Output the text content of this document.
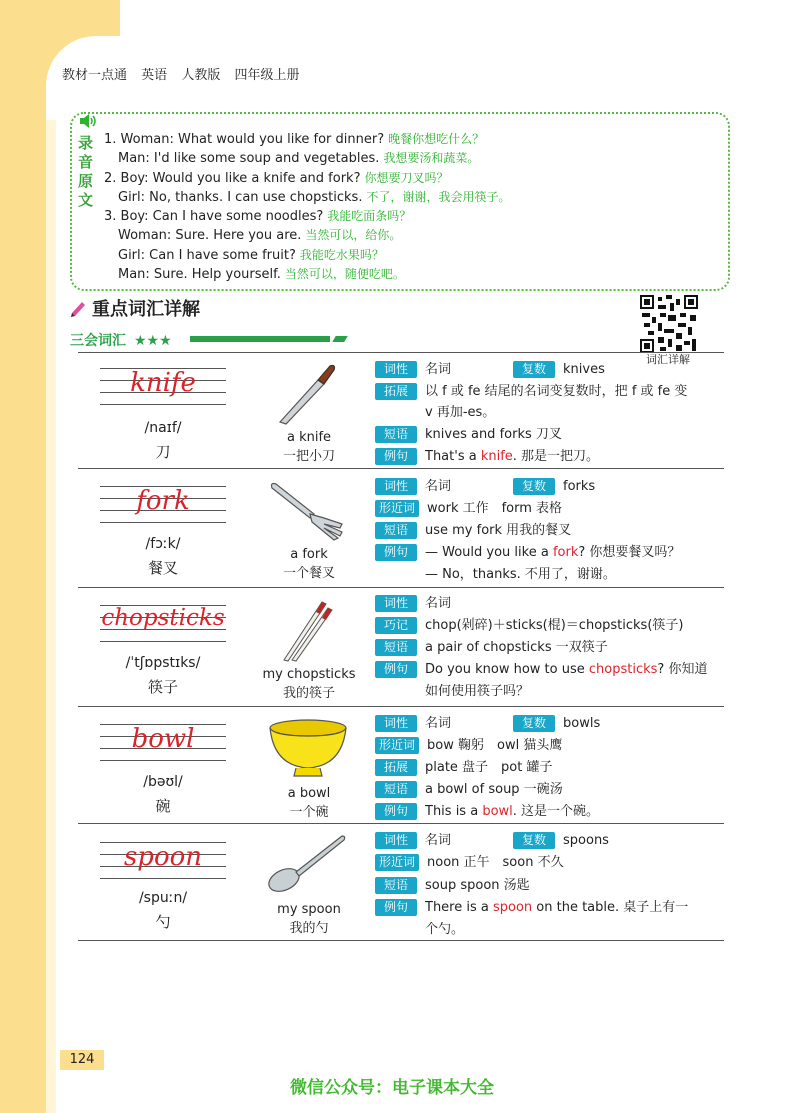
教材一点通 英语 人教版 四年级上册
录音原文
1. Woman: What would you like for dinner? 晚餐你想吃什么？
Man: I'd like some soup and vegetables. 我想要汤和蔬菜。
2. Boy: Would you like a knife and fork? 你想要刀叉吗？
Girl: No, thanks. I can use chopsticks. 不了，谢谢，我会用筷子。
3. Boy: Can I have some noodles? 我能吃面条吗？
Woman: Sure. Here you are. 当然可以，给你。
Girl: Can I have some fruit? 我能吃水果吗？
Man: Sure. Help yourself. 当然可以，随便吃吧。
重点词汇详解
三会词汇 ★★★
词汇详解
knife
/naɪf/
刀
a knife
一把小刀
词性 名词	复数 knives
拓展 以 f 或 fe 结尾的名词变复数时，把 f 或 fe 变
v 再加-es。
短语 knives and forks 刀叉
例句 That's a knife. 那是一把刀。
fork
/fɔːk/
餐叉
a fork
一个餐叉
词性 名词	复数 forks
形近词 work 工作　form 表格
短语 use my fork 用我的餐叉
例句 — Would you like a fork? 你想要餐叉吗？
— No，thanks. 不用了，谢谢。
chopsticks
/ˈtʃɒpstɪks/
筷子
my chopsticks
我的筷子
词性 名词
巧记 chop(剁碎)＋sticks(棍)＝chopsticks(筷子)
短语 a pair of chopsticks 一双筷子
例句 Do you know how to use chopsticks? 你知道
如何使用筷子吗？
bowl
/bəʊl/
碗
a bowl
一个碗
词性 名词	复数 bowls
形近词 bow 鞠躬　owl 猫头鹰
拓展 plate 盘子　pot 罐子
短语 a bowl of soup 一碗汤
例句 This is a bowl. 这是一个碗。
spoon
/spuːn/
勺
my spoon
我的勺
词性 名词	复数 spoons
形近词 noon 正午　soon 不久
短语 soup spoon 汤匙
例句 There is a spoon on the table. 桌子上有一
个勺。
124
微信公众号：电子课本大全
